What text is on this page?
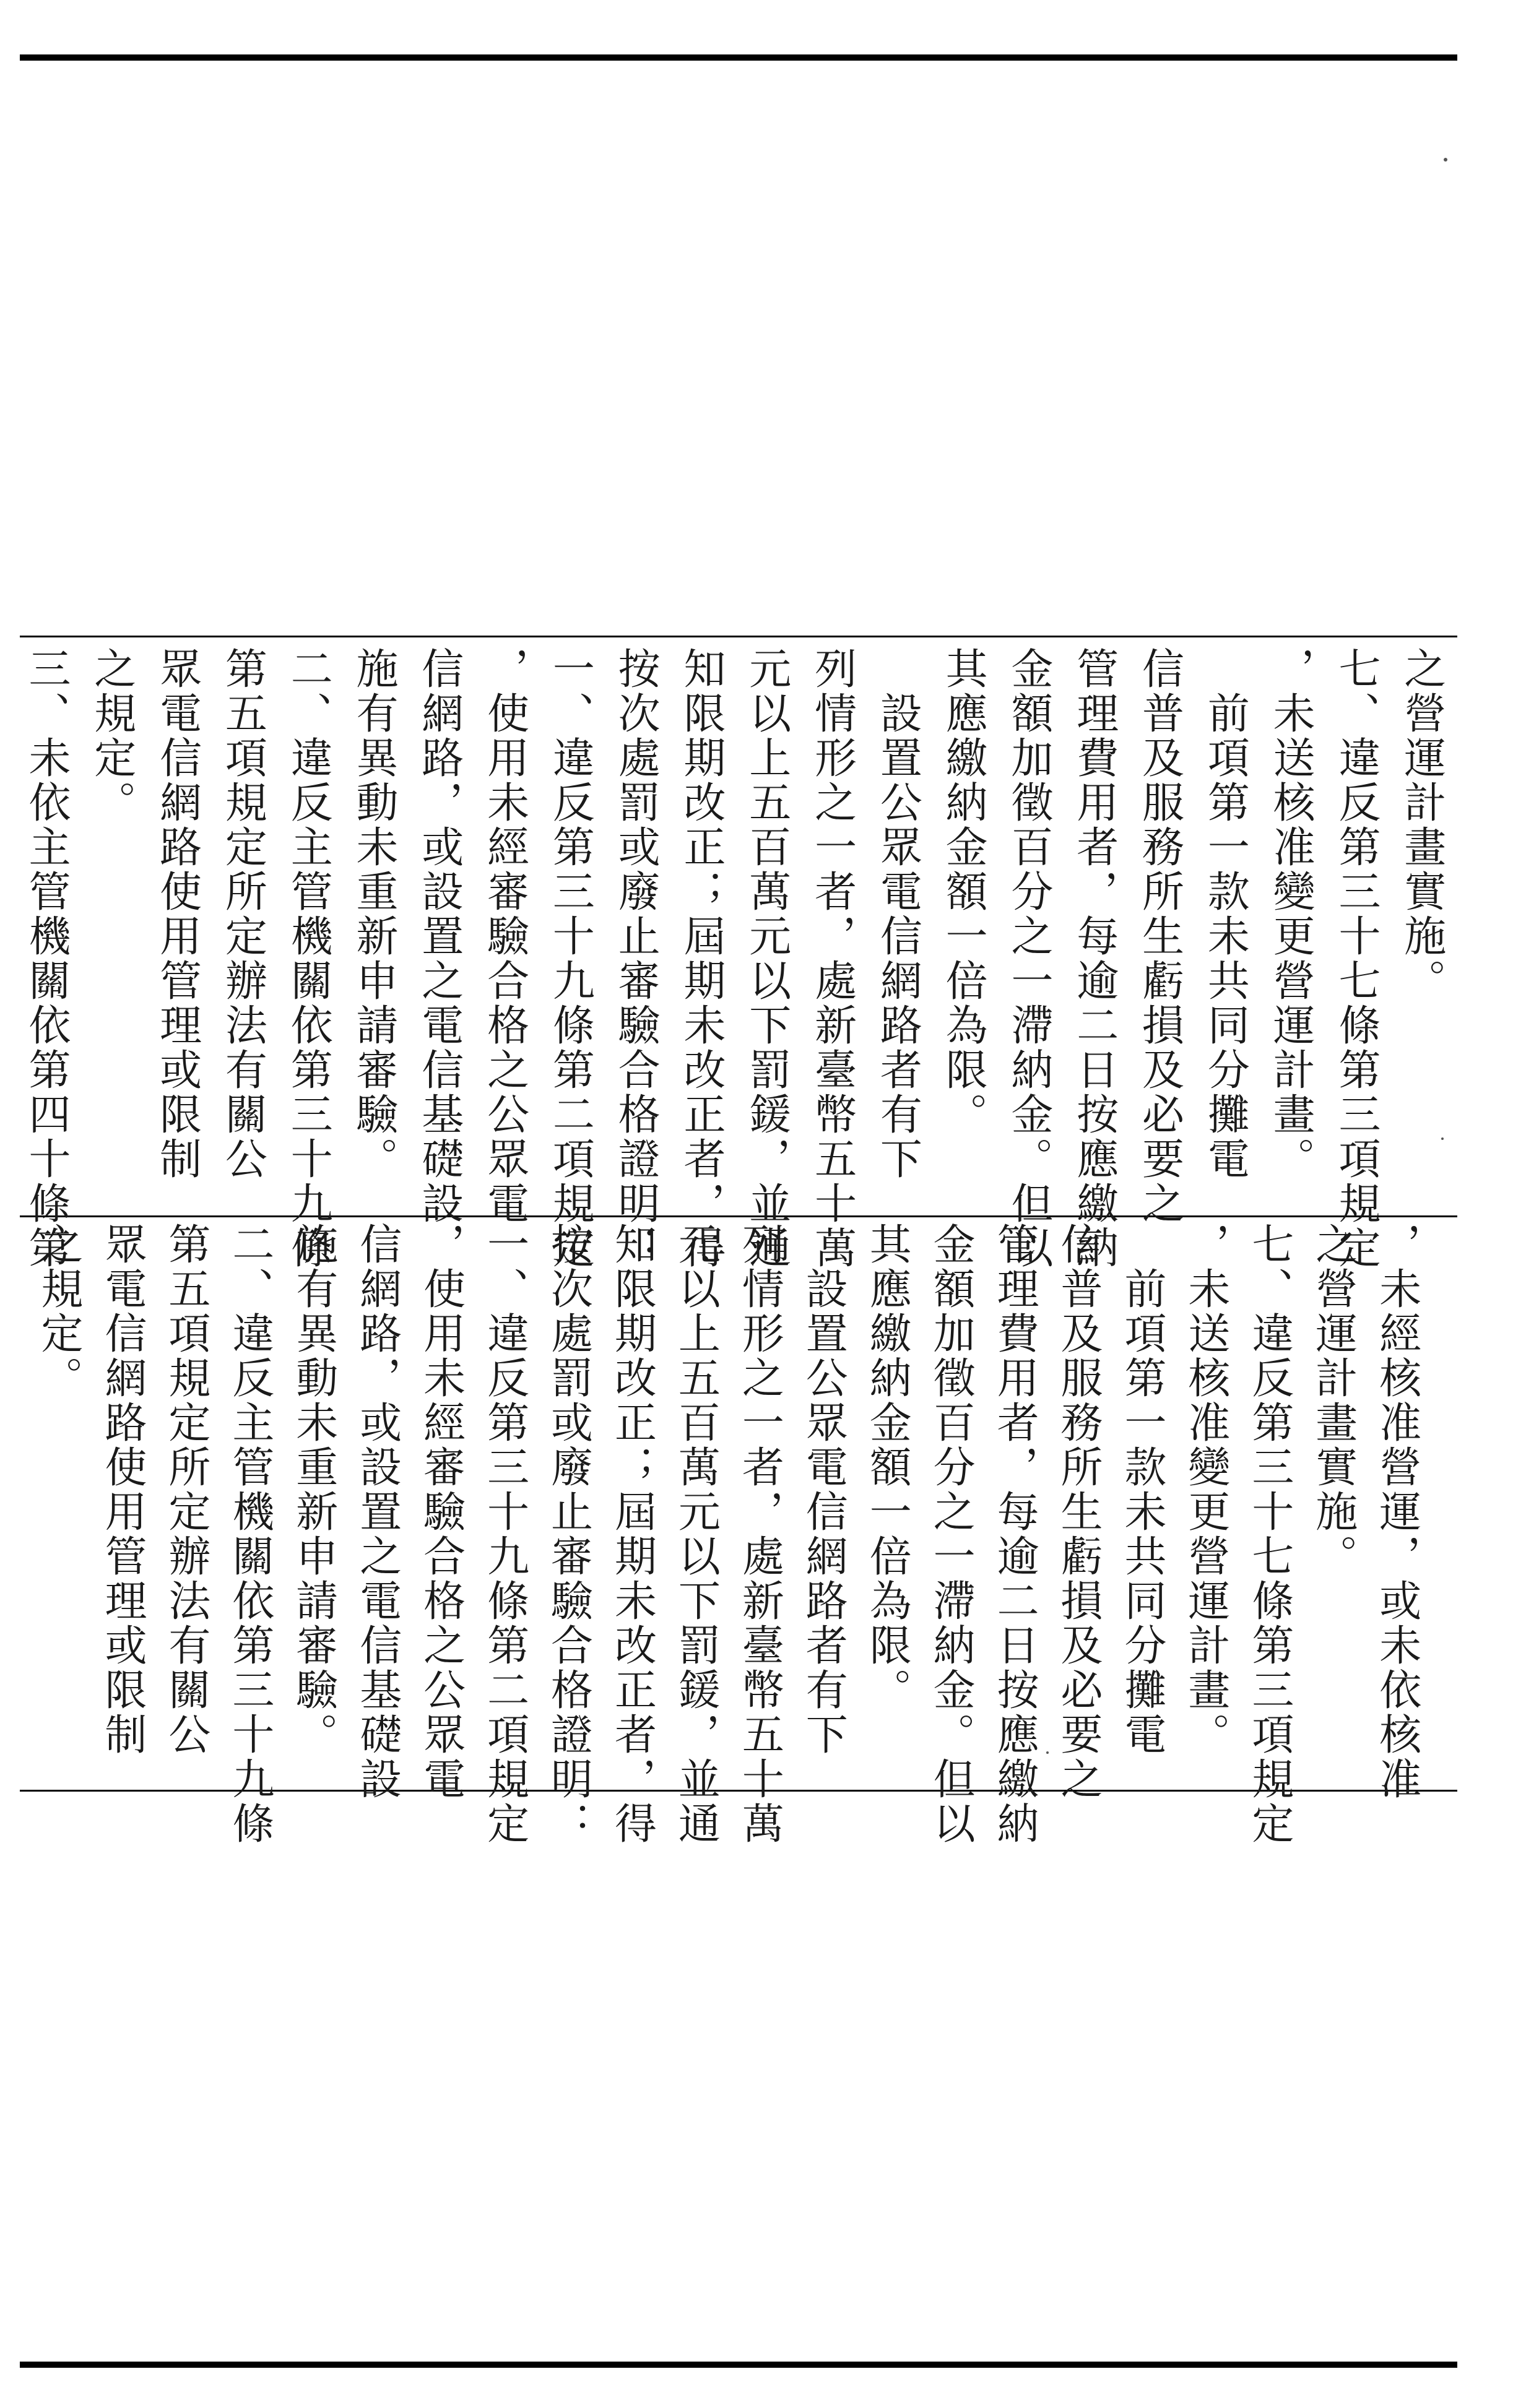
之營運計畫實施。
七、違反第三十七條第三項規定
，未送核准變更營運計畫。
　前項第一款未共同分攤電
信普及服務所生虧損及必要之
管理費用者，每逾二日按應繳納
金額加徵百分之一滯納金。但以
其應繳納金額一倍為限。
　設置公眾電信網路者有下
列情形之一者，處新臺幣五十萬
元以上五百萬元以下罰鍰，並通
知限期改正；屆期未改正者，得
按次處罰或廢止審驗合格證明：
一、違反第三十九條第二項規定
，使用未經審驗合格之公眾電
信網路，或設置之電信基礎設
施有異動未重新申請審驗。
二、違反主管機關依第三十九條
第五項規定所定辦法有關公
眾電信網路使用管理或限制
之規定。
三、未依主管機關依第四十條第
，未經核准營運，或未依核准
之營運計畫實施。
七、違反第三十七條第三項規定
，未送核准變更營運計畫。
　前項第一款未共同分攤電
信普及服務所生虧損及必要之
管理費用者，每逾二日按應繳納
金額加徵百分之一滯納金。但以
其應繳納金額一倍為限。
　設置公眾電信網路者有下
列情形之一者，處新臺幣五十萬
元以上五百萬元以下罰鍰，並通
知限期改正；屆期未改正者，得
按次處罰或廢止審驗合格證明：
一、違反第三十九條第二項規定
，使用未經審驗合格之公眾電
信網路，或設置之電信基礎設
施有異動未重新申請審驗。
二、違反主管機關依第三十九條
第五項規定所定辦法有關公
眾電信網路使用管理或限制
之規定。
